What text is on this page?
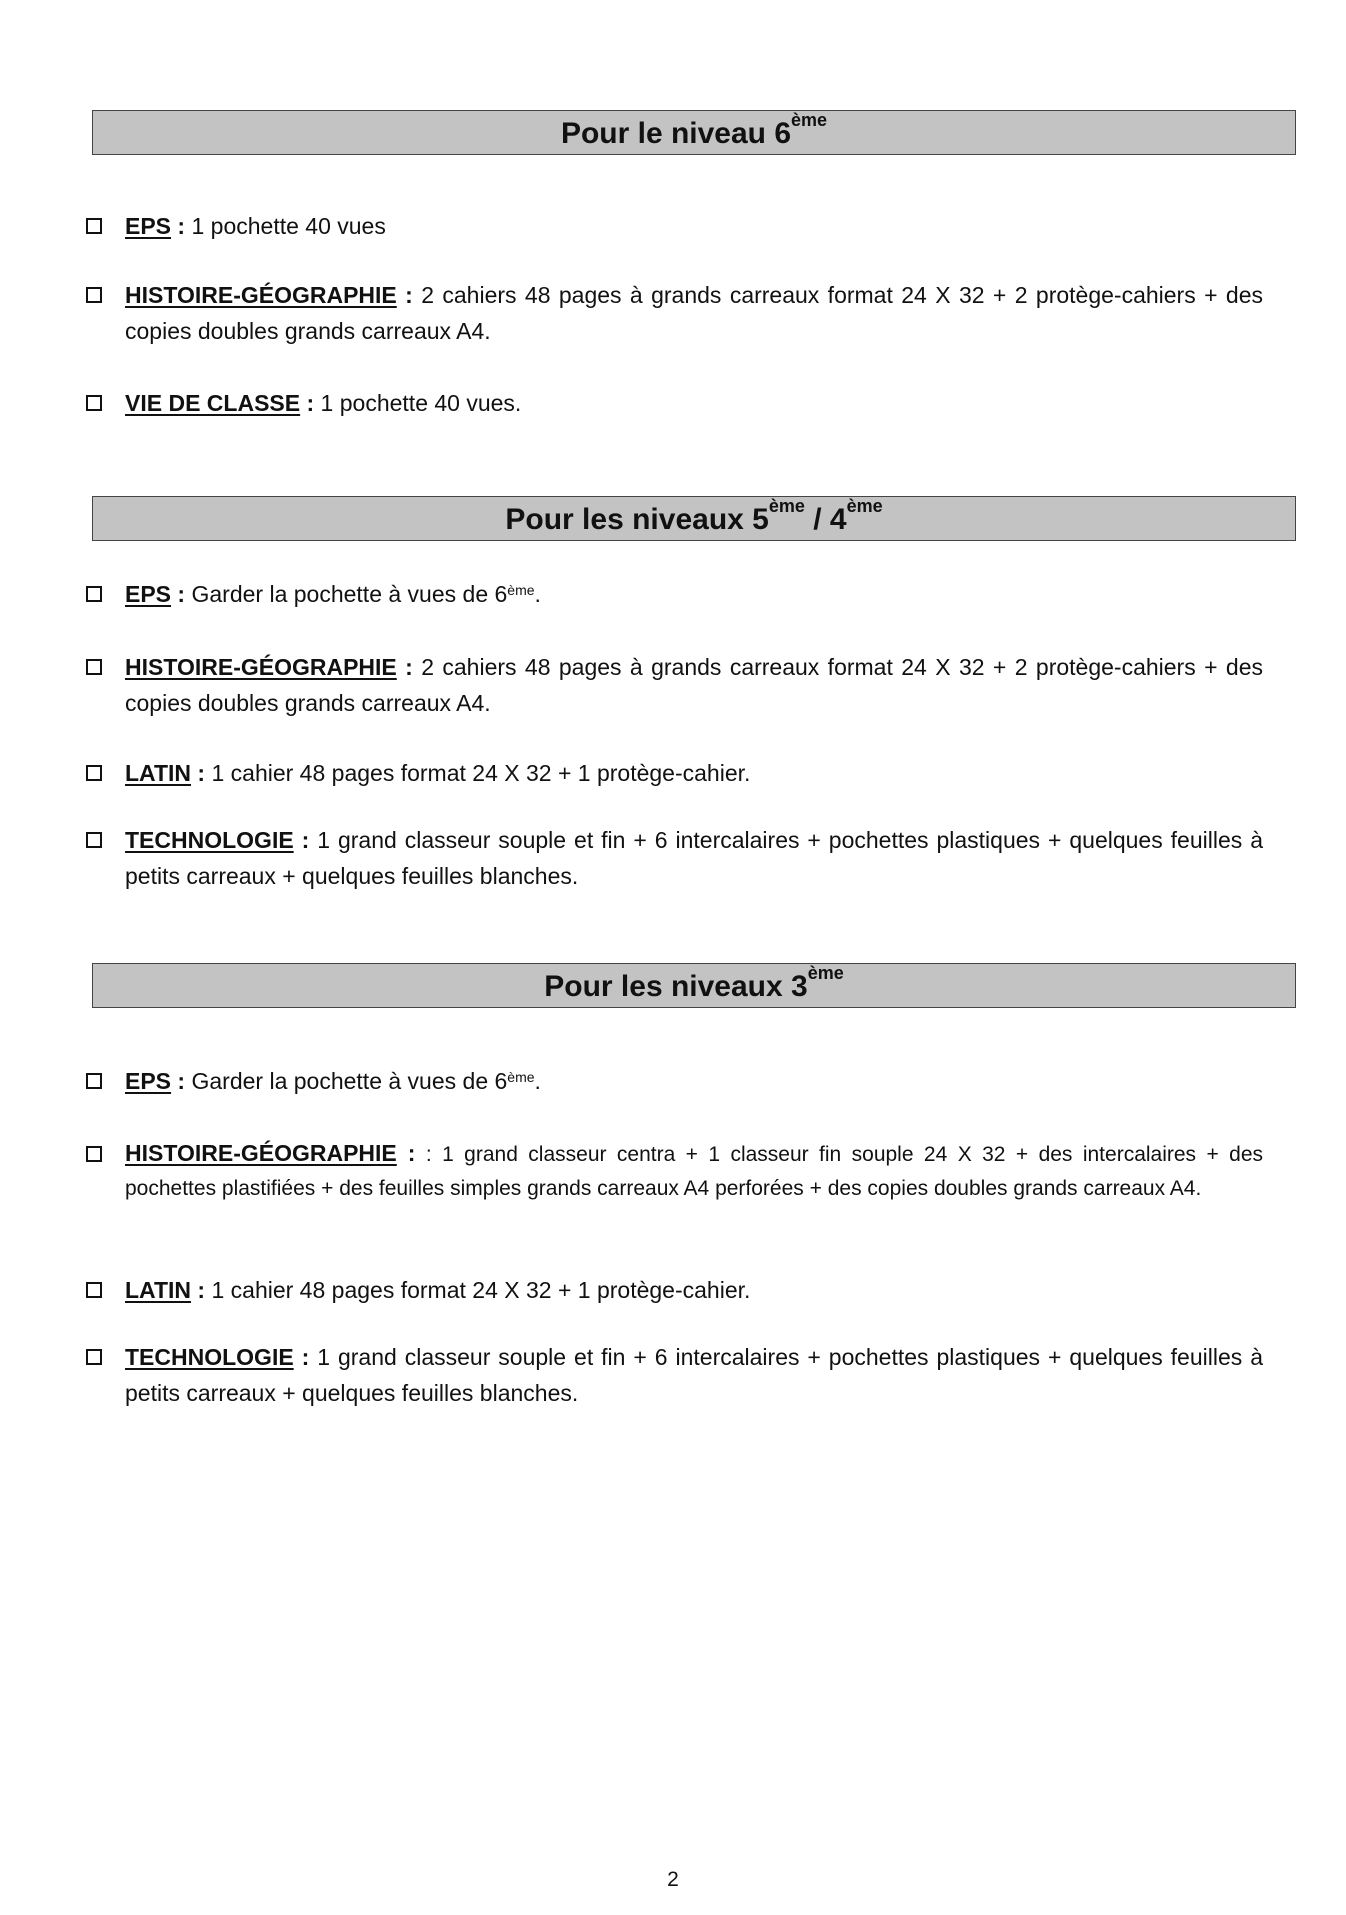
Pour le niveau 6ème
EPS : 1 pochette 40 vues
HISTOIRE-GÉOGRAPHIE : 2 cahiers 48 pages à grands carreaux format 24 X 32 + 2 protège-cahiers + des copies doubles grands carreaux A4.
VIE DE CLASSE : 1 pochette 40 vues.
Pour les niveaux 5ème / 4ème
EPS : Garder la pochette à vues de 6ème.
HISTOIRE-GÉOGRAPHIE : 2 cahiers 48 pages à grands carreaux format 24 X 32 + 2 protège-cahiers + des copies doubles grands carreaux A4.
LATIN : 1 cahier 48 pages format 24 X 32 + 1 protège-cahier.
TECHNOLOGIE : 1 grand classeur souple et fin + 6 intercalaires + pochettes plastiques + quelques feuilles à petits carreaux + quelques feuilles blanches.
Pour les niveaux 3ème
EPS : Garder la pochette à vues de 6ème.
HISTOIRE-GÉOGRAPHIE : : 1 grand classeur centra + 1 classeur fin souple 24 X 32 + des intercalaires + des pochettes plastifiées + des feuilles simples grands carreaux A4 perforées + des copies doubles grands carreaux A4.
LATIN : 1 cahier 48 pages format 24 X 32 + 1 protège-cahier.
TECHNOLOGIE : 1 grand classeur souple et fin + 6 intercalaires + pochettes plastiques + quelques feuilles à petits carreaux + quelques feuilles blanches.
2
